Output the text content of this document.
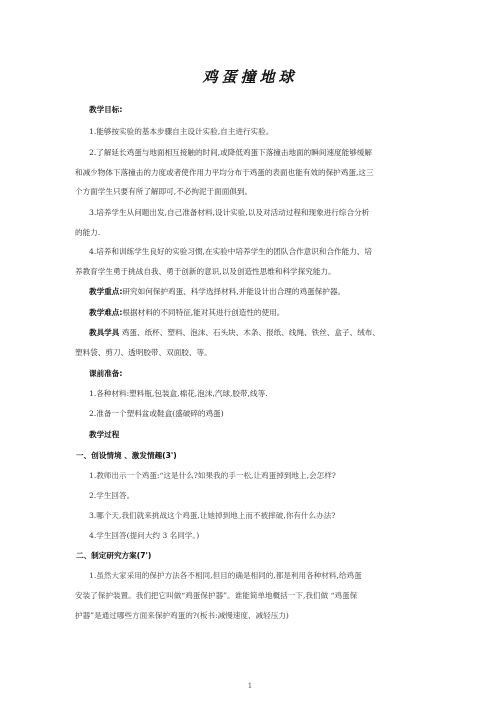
鸡蛋撞地球
教学目标:
1.能够按实验的基本步骤自主设计实验,自主进行实验。
2.了解延长鸡蛋与地面相互接触的时间,或降低鸡蛋下落撞击地面的瞬间速度能够缓解
和减少物体下落撞击的力度或者使作用力平均分布于鸡蛋的表面也能有效的保护鸡蛋,这三
个方面学生只要有所了解即可,不必拘泥于面面俱到。
3.培养学生从问题出发,自己准备材料,设计实验,以及对活动过程和现象进行综合分析
的能力.
4.培养和训练学生良好的实验习惯,在实验中培养学生的团队合作意识和合作能力、培
养教育学生勇于挑战自我、勇于创新的意识,以及创造性思维和科学探究能力。
教学重点:研究如何保护鸡蛋、科学选择材料,并能设计出合理的鸡蛋保护器。
教学难点:根据材料的不同特征,能对其进行创造性的使用。
教具学具 鸡蛋、纸杯、塑料、泡沫、石头块、木条、报纸、线绳、铁丝、盒子、绒布、
塑料袋、剪刀、透明胶带、双面胶、等。
课前准备:
1.各种材料:塑料瓶,包装盒,棉花,泡沫,汽球,胶带,线等.
2.准备一个塑料盆或鞋盒(盛破碎的鸡蛋)
教学过程
一、创设情境 、激发情趣(3')
1.教师出示一个鸡蛋:“这是什么?如果我的手一松,让鸡蛋掉到地上,会怎样?
2.学生回答。
3.哪个天,我们就来挑战这个鸡蛋,让她掉到地上而不被摔破,你有什么办法?
4.学生回答(提问大约 3 名同学。)
二、制定研究方案(7')
1.虽然大家采用的保护方法各不相同,但目的确是相同的,都是利用各种材料,给鸡蛋
安装了保护装置。我们把它叫做“鸡蛋保护器”。谁能简单地概括一下,我们做 “鸡蛋保
护器”是通过哪些方面来保护鸡蛋的?(板书:减慢速度、减轻压力)
1
